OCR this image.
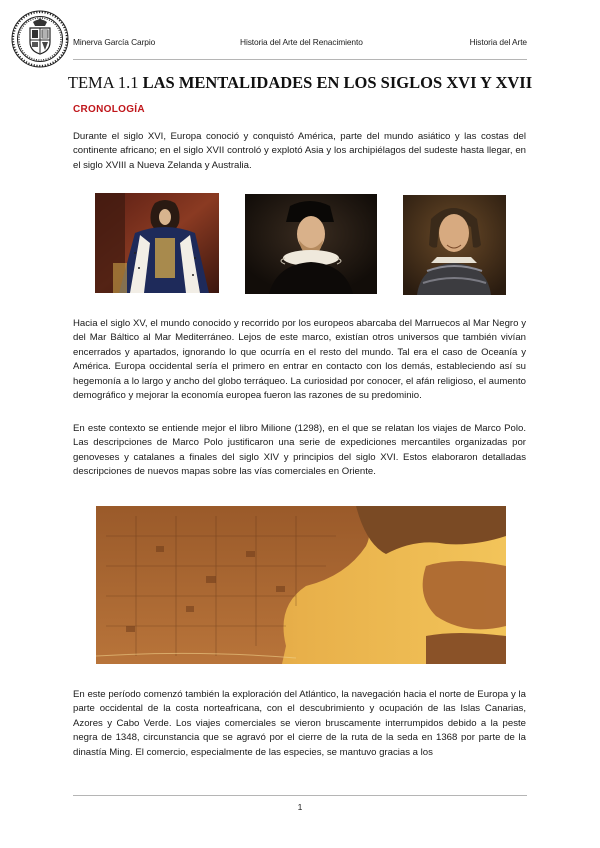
Minerva García Carpio	Historia del Arte del Renacimiento	Historia del Arte
TEMA 1.1 LAS MENTALIDADES EN LOS SIGLOS XVI Y XVII
CRONOLOGÍA

Durante el siglo XVI, Europa conoció y conquistó América, parte del mundo asiático y las costas del continente africano; en el siglo XVII controló y explotó Asia y los archipiélagos del sudeste hasta llegar, en el siglo XVIII a Nueva Zelanda y Australia.

Hacia el siglo XV, el mundo conocido y recorrido por los europeos abarcaba del Marruecos al Mar Negro y del Mar Báltico al Mar Mediterráneo. Lejos de este marco, existían otros universos que también vivían encerrados y apartados, ignorando lo que ocurría en el resto del mundo. Tal era el caso de Oceanía y América. Europa occidental sería el primero en entrar en contacto con los demás, estableciendo así su hegemonía a lo largo y ancho del globo terráqueo. La curiosidad por conocer, el afán religioso, el aumento demográfico y mejorar la economía europea fueron las razones de su predominio.

En este contexto se entiende mejor el libro Milione (1298), en el que se relatan los viajes de Marco Polo. Las descripciones de Marco Polo justificaron una serie de expediciones mercantiles organizadas por genoveses y catalanes a finales del siglo XIV y principios del siglo XVI. Estos elaboraron detalladas descripciones de nuevos mapas sobre las vías comerciales en Oriente.

En este período comenzó también la exploración del Atlántico, la navegación hacia el norte de Europa y la parte occidental de la costa norteafricana, con el descubrimiento y ocupación de las Islas Canarias, Azores y Cabo Verde. Los viajes comerciales se vieron bruscamente interrumpidos debido a la peste negra de 1348, circunstancia que se agravó por el cierre de la ruta de la seda en 1368 por parte de la dinastía Ming. El comercio, especialmente de las especies, se mantuvo gracias a los

1
